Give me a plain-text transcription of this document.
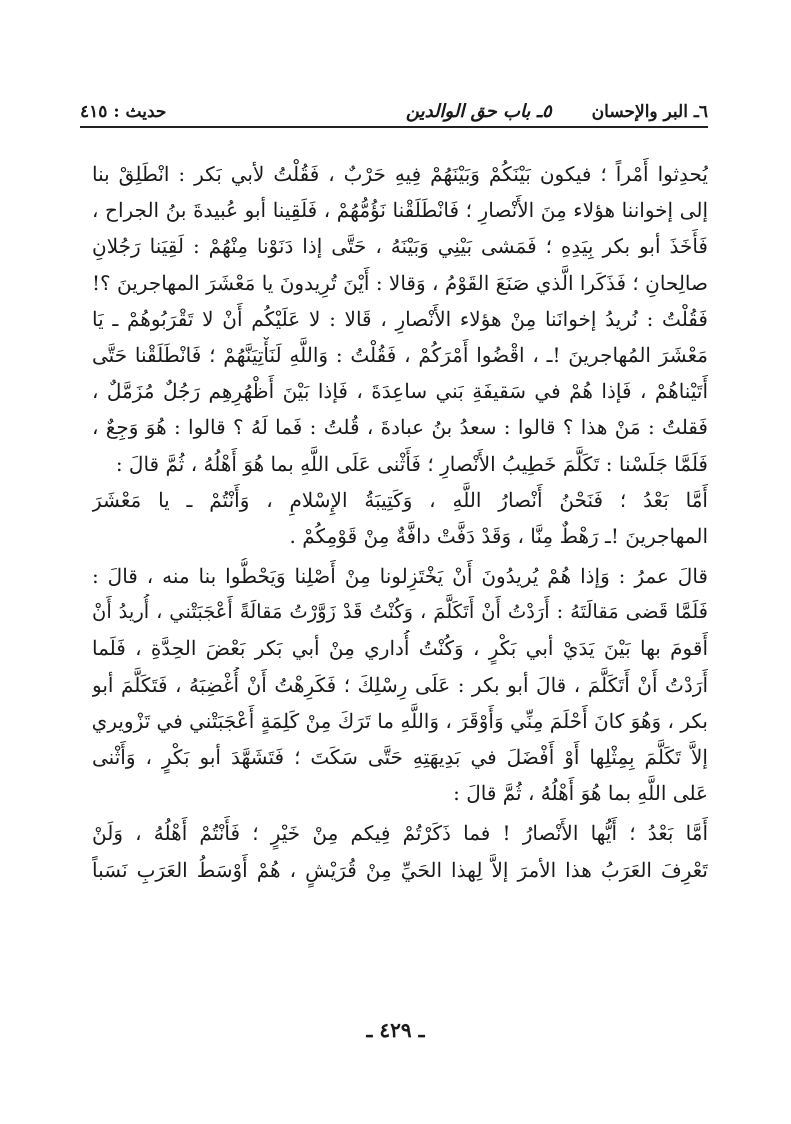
٦ـ البر والإحسان
٥ـ باب حق الوالدين
حديث : ٤١٥
يُحدِثوا أَمْراً ؛ فيكون بَيْنَكُمْ وَبَيْنَهُمْ فِيهِ حَرْبٌ ، فَقُلْتُ لأبي بَكر : انْطَلِقْ بنا
إلى إخواننا هؤلاء مِنَ الأَنْصارِ ؛ فَانْطَلَقْنا نَؤُمُّهُمْ ، فَلَقِينا أبو عُبيدةَ بنُ الجراح ،
فَأَخَذَ أبو بكر بِيَدِهِ ؛ فَمَشى بَيْنِي وَبَيْنَهُ ، حَتَّى إذا دَنَوْنا مِنْهُمْ : لَقِيَنا رَجُلانِ
صالِحانِ ؛ فَذَكَرا الَّذي صَنَعَ القَوْمُ ، وَقالا : أَيْنَ تُرِيدونَ يا مَعْشَرَ المهاجرينَ ؟!
فَقُلْتُ : نُريدُ إخوانَنا مِنْ هؤلاء الأَنْصارِ ، قَالا : لا عَلَيْكُم أَنْ لا تَقْرَبُوهُمْ ـ يَا
مَعْشَرَ المُهاجرينَ !ـ ، اقْضُوا أَمْرَكُمْ ، فَقُلْتُ : وَاللَّهِ لَنَأْتِيَنَّهُمْ ؛ فَانْطَلَقْنا حَتَّى
أَتَيْناهُمْ ، فَإذا هُمْ في سَقيفَةِ بَني ساعِدَةَ ، فَإذا بَيْنَ أَظْهُرِهِم رَجُلٌ مُزَمَّلٌ ،
فَقلتُ : مَنْ هذا ؟ قالوا : سعدُ بنُ عبادةَ ، قُلتُ : فَما لَهُ ؟ قالوا : هُوَ وَجِعٌ ،
فَلَمَّا جَلَسْنا : تَكَلَّمَ خَطِيبُ الأَنْصارِ ؛ فَأَثْنى عَلَى اللَّهِ بما هُوَ أَهْلُهُ ، ثُمَّ قالَ :
أَمَّا بَعْدُ ؛ فَنَحْنُ أَنْصارُ اللَّهِ ، وَكَتِيبَةُ الإِسْلامِ ، وَأَنْتُمْ ـ يا مَعْشَرَ
المهاجرينَ !ـ رَهْطٌ مِنَّا ، وَقَدْ دَفَّتْ دافَّةٌ مِنْ قَوْمِكُمْ .
قالَ عمرُ : وَإذا هُمْ يُريدُونَ أَنْ يَخْتَزِلونا مِنْ أَصْلِنا وَيَحْطُّوا بنا منه ، قالَ :
فَلَمَّا قَضى مَقالَتَهُ : أَرَدْتُ أَنْ أَتَكَلَّمَ ، وَكُنْتُ قَدْ زَوَّرْتُ مَقالَةً أَعْجَبَتْني ، أُريدُ أَنْ
أَقومَ بها بَيْنَ يَدَيْ أبي بَكْرٍ ، وَكُنْتُ أُداري مِنْ أبي بَكر بَعْضَ الحِدَّةِ ، فَلَما
أَرَدْتُ أَنْ أَتَكَلَّمَ ، قالَ أبو بكر : عَلَى رِسْلِكَ ؛ فَكَرِهْتُ أَنْ أُغْضِبَهُ ، فَتَكَلَّمَ أبو
بكر ، وَهُوَ كانَ أَحْلَمَ مِنِّي وَأَوْقَرَ ، وَاللَّهِ ما تَرَكَ مِنْ كَلِمَةٍ أَعْجَبَتْني في تَزْويري
إلاَّ تَكَلَّمَ بِمِثْلِها أَوْ أَفْضَلَ في بَدِيهَتِهِ حَتَّى سَكَتَ ؛ فَتَشَهَّدَ أبو بَكْرٍ ، وَأَثْنى
عَلى اللَّهِ بما هُوَ أَهْلُهُ ، ثُمَّ قالَ :
أَمَّا بَعْدُ ؛ أَيُّها الأَنْصارُ ! فما ذَكَرْتُمْ فِيكم مِنْ خَيْرٍ ؛ فَأَنْتُمْ أَهْلُهُ ، وَلَنْ
تَعْرِفَ العَرَبُ هذا الأمرَ إلاَّ لِهذا الحَيِّ مِنْ قُرَيْشٍ ، هُمْ أَوْسَطُ العَرَبِ نَسَباً
ـ ٤٢٩ ـ
